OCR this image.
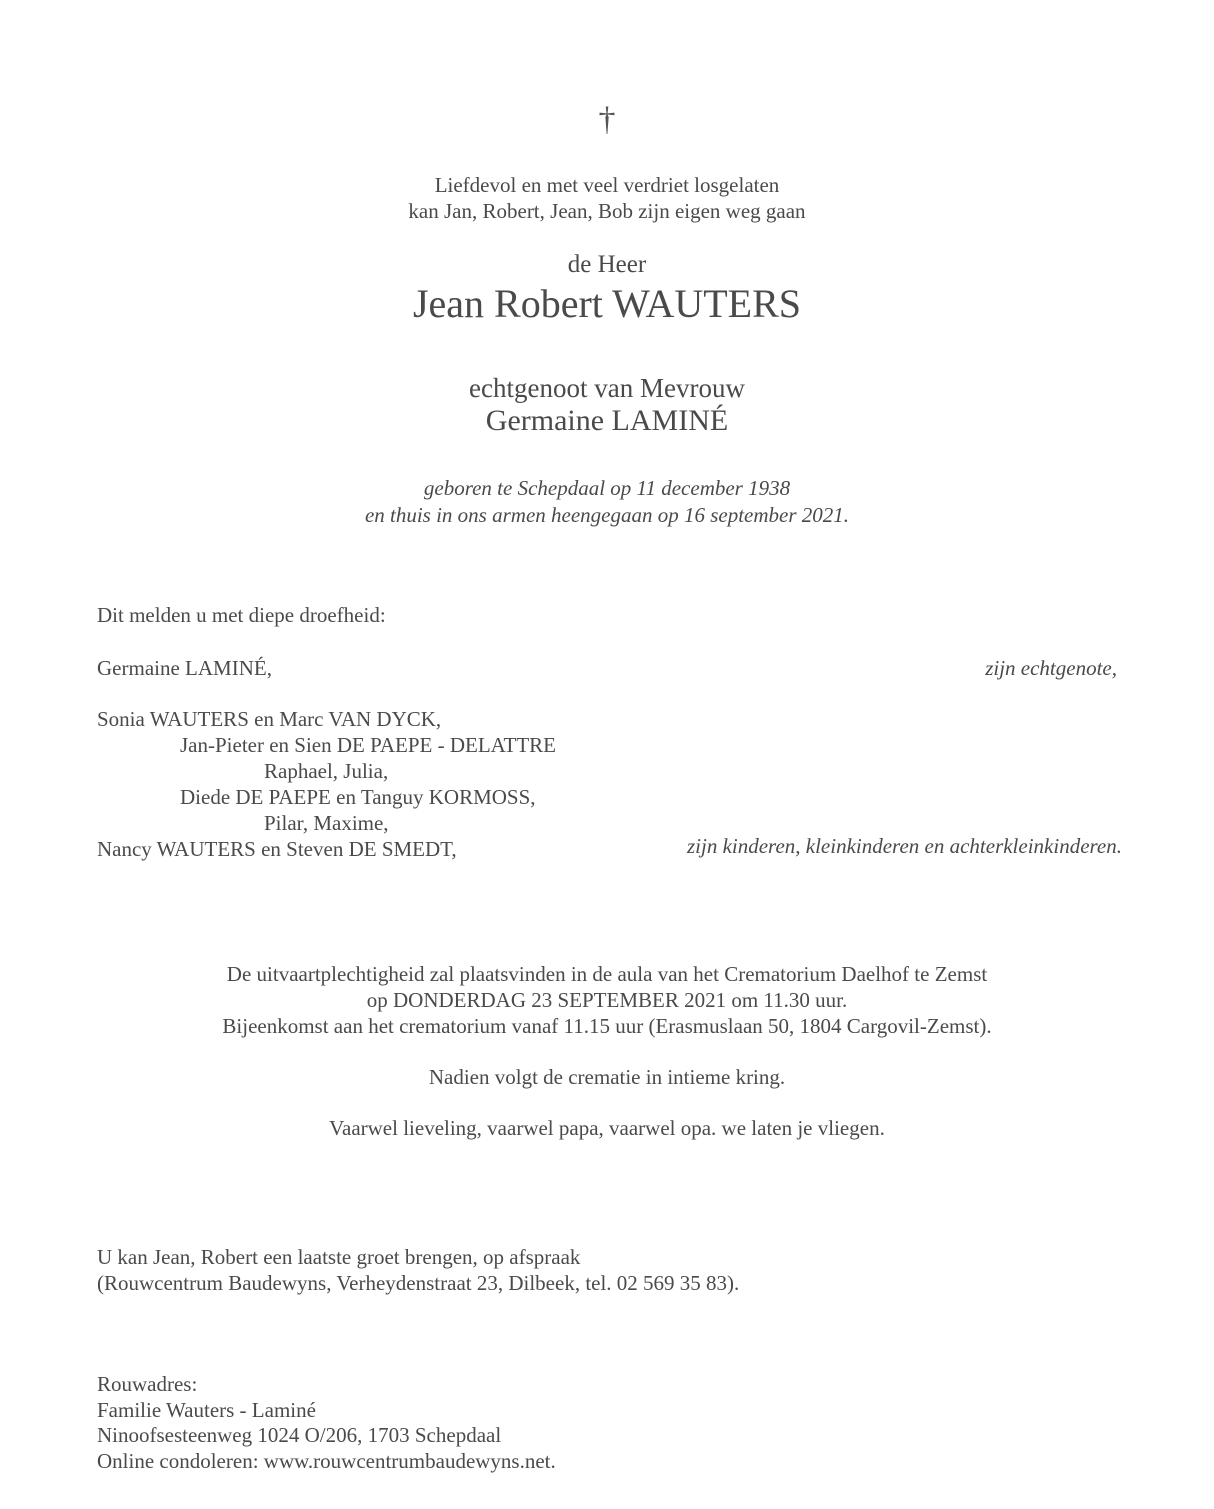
†
Liefdevol en met veel verdriet losgelaten
kan Jan, Robert, Jean, Bob zijn eigen weg gaan
de Heer
Jean Robert WAUTERS
echtgenoot van Mevrouw
Germaine LAMINÉ
geboren te Schepdaal op 11 december 1938
en thuis in ons armen heengegaan op 16 september 2021.
Dit melden u met diepe droefheid:
Germaine LAMINÉ,	zijn echtgenote,
Sonia WAUTERS en Marc VAN DYCK,
Jan-Pieter en Sien DE PAEPE - DELATTRE
Raphael, Julia,
Diede DE PAEPE en Tanguy KORMOSS,
Pilar, Maxime,
Nancy WAUTERS en Steven DE SMEDT,	zijn kinderen, kleinkinderen en achterkleinkinderen.
De uitvaartplechtigheid zal plaatsvinden in de aula van het Crematorium Daelhof te Zemst
op DONDERDAG 23 SEPTEMBER 2021 om 11.30 uur.
Bijeenkomst aan het crematorium vanaf 11.15 uur (Erasmuslaan 50, 1804 Cargovil-Zemst).
Nadien volgt de crematie in intieme kring.
Vaarwel lieveling, vaarwel papa, vaarwel opa. we laten je vliegen.
U kan Jean, Robert een laatste groet brengen, op afspraak
(Rouwcentrum Baudewyns, Verheydenstraat 23, Dilbeek, tel. 02 569 35 83).
Rouwadres:
Familie Wauters - Laminé
Ninoofsesteenweg 1024 O/206, 1703 Schepdaal
Online condoleren: www.rouwcentrumbaudewyns.net.
